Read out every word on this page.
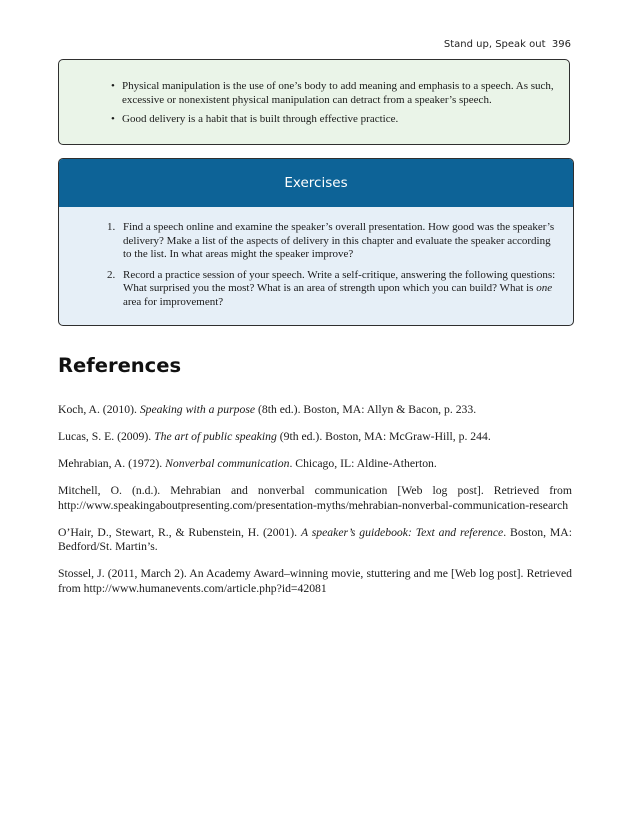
Stand up, Speak out 396
• Physical manipulation is the use of one’s body to add meaning and emphasis to a speech. As such, excessive or nonexistent physical manipulation can detract from a speaker’s speech.
• Good delivery is a habit that is built through effective practice.
Exercises
1. Find a speech online and examine the speaker’s overall presentation. How good was the speaker’s delivery? Make a list of the aspects of delivery in this chapter and evaluate the speaker according to the list. In what areas might the speaker improve?
2. Record a practice session of your speech. Write a self-critique, answering the following questions: What surprised you the most? What is an area of strength upon which you can build? What is one area for improvement?
References

Koch, A. (2010). Speaking with a purpose (8th ed.). Boston, MA: Allyn & Bacon, p. 233.

Lucas, S. E. (2009). The art of public speaking (9th ed.). Boston, MA: McGraw-Hill, p. 244.

Mehrabian, A. (1972). Nonverbal communication. Chicago, IL: Aldine-Atherton.

Mitchell, O. (n.d.). Mehrabian and nonverbal communication [Web log post]. Retrieved from http://www.speakingaboutpresenting.com/presentation-myths/mehrabian-nonverbal-communication-research

O’Hair, D., Stewart, R., & Rubenstein, H. (2001). A speaker’s guidebook: Text and reference. Boston, MA: Bedford/St. Martin’s.

Stossel, J. (2011, March 2). An Academy Award–winning movie, stuttering and me [Web log post]. Retrieved from http://www.humanevents.com/article.php?id=42081
